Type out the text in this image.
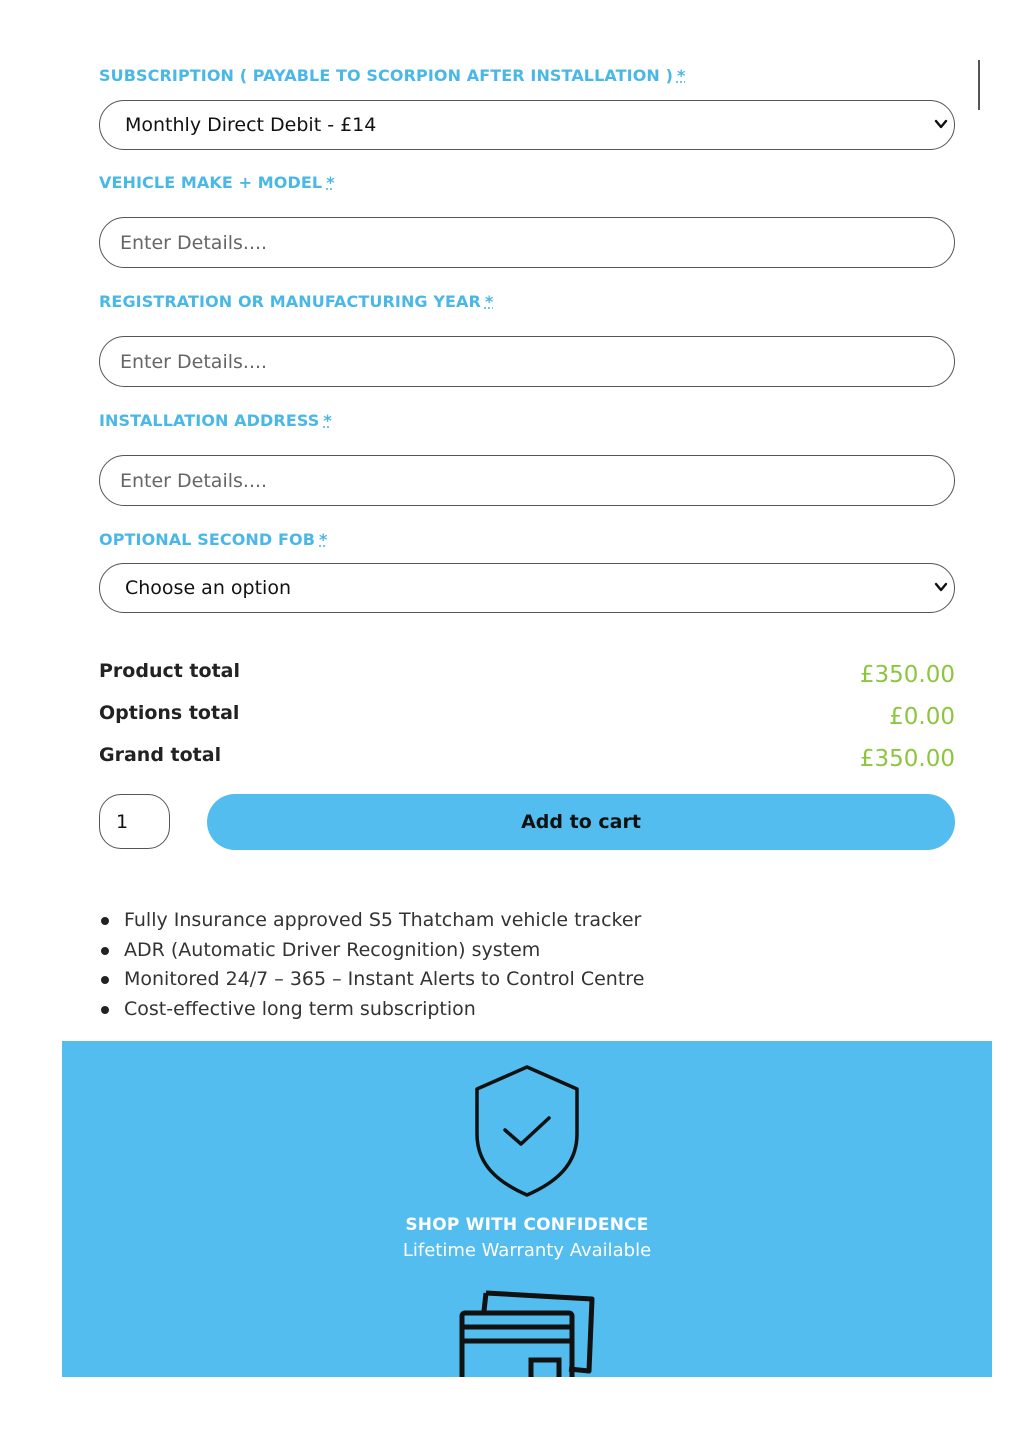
SUBSCRIPTION ( PAYABLE TO SCORPION AFTER INSTALLATION ) *
Monthly Direct Debit - £14
VEHICLE MAKE + MODEL *
Enter Details....
REGISTRATION OR MANUFACTURING YEAR *
Enter Details....
INSTALLATION ADDRESS *
Enter Details....
OPTIONAL SECOND FOB *
Choose an option
Product total	£350.00
Options total	£0.00
Grand total	£350.00
1
Add to cart
Fully Insurance approved S5 Thatcham vehicle tracker
ADR (Automatic Driver Recognition) system
Monitored 24/7 – 365 – Instant Alerts to Control Centre
Cost-effective long term subscription
SHOP WITH CONFIDENCE
Lifetime Warranty Available
